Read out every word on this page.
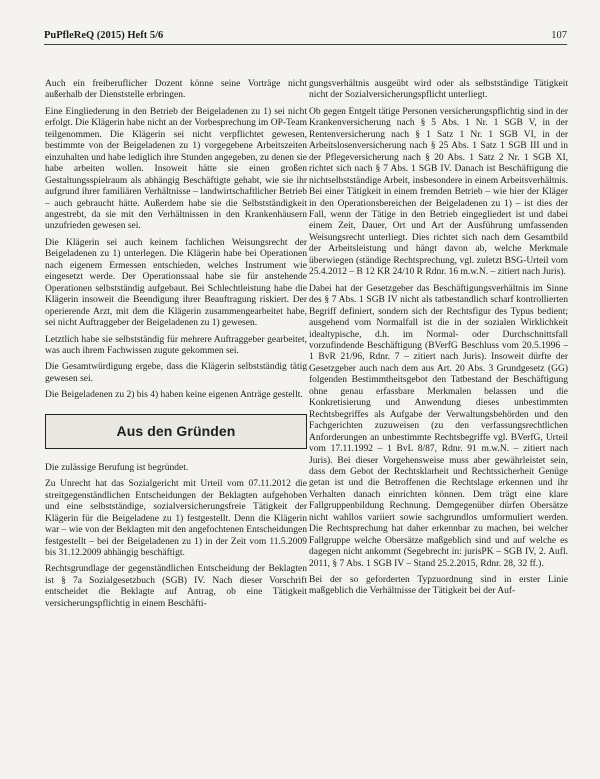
PuPfleReQ (2015) Heft 5/6	107

Auch ein freiberuflicher Dozent könne seine Vorträge nicht außerhalb der Dienststelle erbringen.

Eine Eingliederung in den Betrieb der Beigeladenen zu 1) sei nicht erfolgt. Die Klägerin habe nicht an der Vorbesprechung im OP-Team teilgenommen. Die Klägerin sei nicht verpflichtet gewesen, bestimmte von der Beigeladenen zu 1) vorgegebene Arbeitszeiten einzuhalten und habe lediglich ihre Stunden angegeben, zu denen sie habe arbeiten wollen. Insoweit hätte sie einen großen Gestaltungsspielraum als abhängig Beschäftigte gehabt, wie sie ihr aufgrund ihrer familiären Verhältnisse – landwirtschaftlicher Betrieb – auch gebraucht hätte. Außerdem habe sie die Selbstständigkeit angestrebt, da sie mit den Verhältnissen in den Krankenhäusern unzufrieden gewesen sei.

Die Klägerin sei auch keinem fachlichen Weisungsrecht der Beigeladenen zu 1) unterlegen. Die Klägerin habe bei Operationen nach eigenem Ermessen entschieden, welches Instrument wie eingesetzt werde. Der Operationssaal habe sie für anstehende Operationen selbstständig aufgebaut. Bei Schlechtleistung habe die Klägerin insoweit die Beendigung ihrer Beauftragung riskiert. Der operierende Arzt, mit dem die Klägerin zusammengearbeitet habe, sei nicht Auftraggeber der Beigeladenen zu 1) gewesen.

Letztlich habe sie selbstständig für mehrere Auftraggeber gearbeitet, was auch ihrem Fachwissen zugute gekommen sei.

Die Gesamtwürdigung ergebe, dass die Klägerin selbstständig tätig gewesen sei.

Die Beigeladenen zu 2) bis 4) haben keine eigenen Anträge gestellt.

Aus den Gründen

Die zulässige Berufung ist begründet.

Zu Unrecht hat das Sozialgericht mit Urteil vom 07.11.2012 die streitgegenständlichen Entscheidungen der Beklagten aufgehoben und eine selbstständige, sozialversicherungsfreie Tätigkeit der Klägerin für die Beigeladene zu 1) festgestellt. Denn die Klägerin war – wie von der Beklagten mit den angefochtenen Entscheidungen festgestellt – bei der Beigeladenen zu 1) in der Zeit vom 11.5.2009 bis 31.12.2009 abhängig beschäftigt.

Rechtsgrundlage der gegenständlichen Entscheidung der Beklagten ist § 7a Sozialgesetzbuch (SGB) IV. Nach dieser Vorschrift entscheidet die Beklagte auf Antrag, ob eine Tätigkeit versicherungspflichtig in einem Beschäfti-

gungsverhältnis ausgeübt wird oder als selbstständige Tätigkeit nicht der Sozialversicherungspflicht unterliegt.

Ob gegen Entgelt tätige Personen versicherungspflichtig sind in der Krankenversicherung nach § 5 Abs. 1 Nr. 1 SGB V, in der Rentenversicherung nach § 1 Satz 1 Nr. 1 SGB VI, in der Arbeitslosenversicherung nach § 25 Abs. 1 Satz 1 SGB III und in der Pflegeversicherung nach § 20 Abs. 1 Satz 2 Nr. 1 SGB XI, richtet sich nach § 7 Abs. 1 SGB IV. Danach ist Beschäftigung die nichtselbstständige Arbeit, insbesondere in einem Arbeitsverhältnis. Bei einer Tätigkeit in einem fremden Betrieb – wie hier der Kläger in den Operationsbereichen der Beigeladenen zu 1) – ist dies der Fall, wenn der Tätige in den Betrieb eingegliedert ist und dabei einem Zeit, Dauer, Ort und Art der Ausführung umfassenden Weisungsrecht unterliegt. Dies richtet sich nach dem Gesamtbild der Arbeitsleistung und hängt davon ab, welche Merkmale überwiegen (ständige Rechtsprechung, vgl. zuletzt BSG-Urteil vom 25.4.2012 – B 12 KR 24/10 R Rdnr. 16 m.w.N. – zitiert nach Juris).

Dabei hat der Gesetzgeber das Beschäftigungsverhältnis im Sinne des § 7 Abs. 1 SGB IV nicht als tatbestandlich scharf kontrollierten Begriff definiert, sondern sich der Rechtsfigur des Typus bedient; ausgehend vom Normalfall ist die in der sozialen Wirklichkeit idealtypische, d.h. im Normal- oder Durchschnittsfall vorzufindende Beschäftigung (BVerfG Beschluss vom 20.5.1996 – 1 BvR 21/96, Rdnr. 7 – zitiert nach Juris). Insoweit dürfte der Gesetzgeber auch nach dem aus Art. 20 Abs. 3 Grundgesetz (GG) folgenden Bestimmtheitsgebot den Tatbestand der Beschäftigung ohne genau erfassbare Merkmalen belassen und die Konkretisierung und Anwendung dieses unbestimmten Rechtsbegriffes als Aufgabe der Verwaltungsbehörden und den Fachgerichten zuzuweisen (zu den verfassungsrechtlichen Anforderungen an unbestimmte Rechtsbegriffe vgl. BVerfG, Urteil vom 17.11.1992 – 1 BvL 8/87, Rdnr. 91 m.w.N. – zitiert nach Juris). Bei dieser Vorgehensweise muss aber gewährleistet sein, dass dem Gebot der Rechtsklarheit und Rechtssicherheit Genüge getan ist und die Betroffenen die Rechtslage erkennen und ihr Verhalten danach einrichten können. Dem trägt eine klare Fallgruppenbildung Rechnung. Demgegenüber dürfen Obersätze nicht wahllos variiert sowie sachgrundlos umformuliert werden. Die Rechtsprechung hat daher erkennbar zu machen, bei welcher Fallgruppe welche Obersätze maßgeblich sind und auf welche es dagegen nicht ankommt (Segebrecht in: jurisPK – SGB IV, 2. Aufl. 2011, § 7 Abs. 1 SGB IV – Stand 25.2.2015, Rdnr. 28, 32 ff.).

Bei der so geforderten Typzuordnung sind in erster Linie maßgeblich die Verhältnisse der Tätigkeit bei der Auf-
